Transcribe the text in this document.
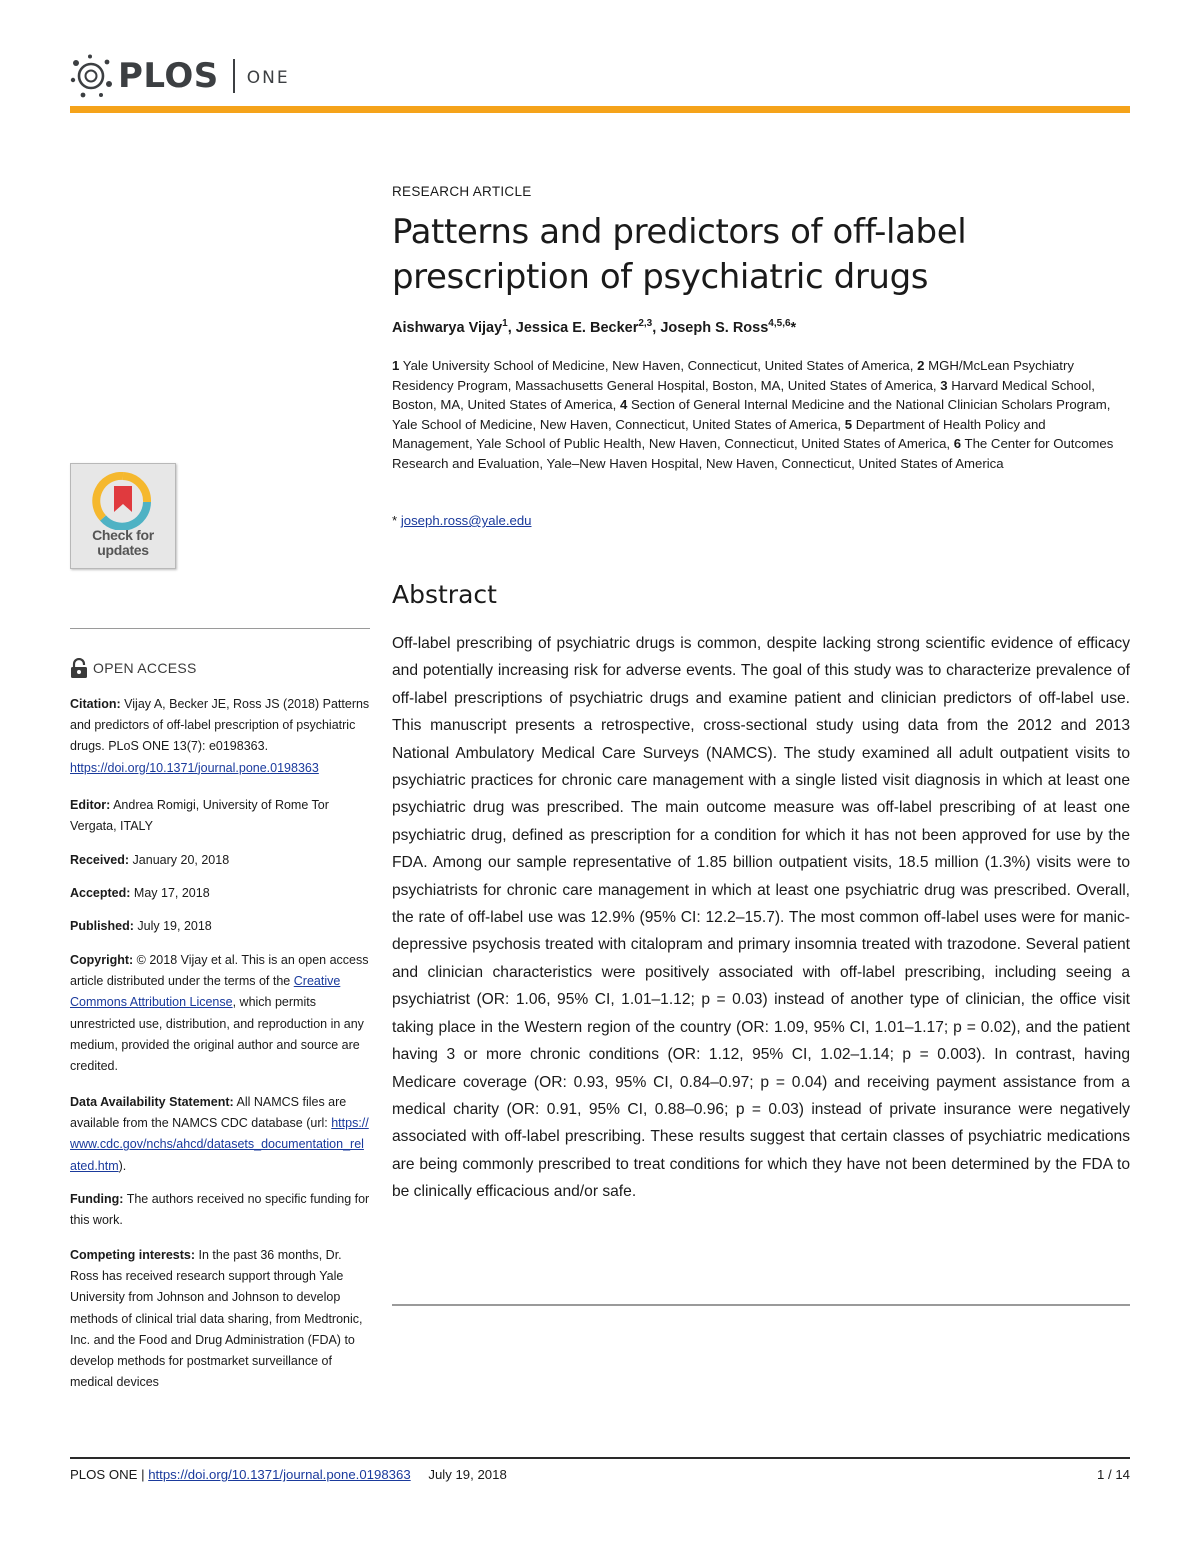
PLOS ONE
Check for
updates
OPEN ACCESS
Citation: Vijay A, Becker JE, Ross JS (2018) Patterns and predictors of off-label prescription of psychiatric drugs. PLoS ONE 13(7): e0198363. https://doi.org/10.1371/journal.pone.0198363
Editor: Andrea Romigi, University of Rome Tor Vergata, ITALY
Received: January 20, 2018
Accepted: May 17, 2018
Published: July 19, 2018
Copyright: © 2018 Vijay et al. This is an open access article distributed under the terms of the Creative Commons Attribution License, which permits unrestricted use, distribution, and reproduction in any medium, provided the original author and source are credited.
Data Availability Statement: All NAMCS files are available from the NAMCS CDC database (url: https://www.cdc.gov/nchs/ahcd/datasets_documentation_related.htm).
Funding: The authors received no specific funding for this work.
Competing interests: In the past 36 months, Dr. Ross has received research support through Yale University from Johnson and Johnson to develop methods of clinical trial data sharing, from Medtronic, Inc. and the Food and Drug Administration (FDA) to develop methods for postmarket surveillance of medical devices
RESEARCH ARTICLE
Patterns and predictors of off-label prescription of psychiatric drugs
Aishwarya Vijay$^1$, Jessica E. Becker$^{2,3}$, Joseph S. Ross$^{4,5,6}$*
1 Yale University School of Medicine, New Haven, Connecticut, United States of America, 2 MGH/McLean Psychiatry Residency Program, Massachusetts General Hospital, Boston, MA, United States of America, 3 Harvard Medical School, Boston, MA, United States of America, 4 Section of General Internal Medicine and the National Clinician Scholars Program, Yale School of Medicine, New Haven, Connecticut, United States of America, 5 Department of Health Policy and Management, Yale School of Public Health, New Haven, Connecticut, United States of America, 6 The Center for Outcomes Research and Evaluation, Yale–New Haven Hospital, New Haven, Connecticut, United States of America
* joseph.ross@yale.edu
Abstract

Off-label prescribing of psychiatric drugs is common, despite lacking strong scientific evidence of efficacy and potentially increasing risk for adverse events. The goal of this study was to characterize prevalence of off-label prescriptions of psychiatric drugs and examine patient and clinician predictors of off-label use. This manuscript presents a retrospective, cross-sectional study using data from the 2012 and 2013 National Ambulatory Medical Care Surveys (NAMCS). The study examined all adult outpatient visits to psychiatric practices for chronic care management with a single listed visit diagnosis in which at least one psychiatric drug was prescribed. The main outcome measure was off-label prescribing of at least one psychiatric drug, defined as prescription for a condition for which it has not been approved for use by the FDA. Among our sample representative of 1.85 billion outpatient visits, 18.5 million (1.3%) visits were to psychiatrists for chronic care management in which at least one psychiatric drug was prescribed. Overall, the rate of off-label use was 12.9% (95% CI: 12.2–15.7). The most common off-label uses were for manic-depressive psychosis treated with citalopram and primary insomnia treated with trazodone. Several patient and clinician characteristics were positively associated with off-label prescribing, including seeing a psychiatrist (OR: 1.06, 95% CI, 1.01–1.12; p = 0.03) instead of another type of clinician, the office visit taking place in the Western region of the country (OR: 1.09, 95% CI, 1.01–1.17; p = 0.02), and the patient having 3 or more chronic conditions (OR: 1.12, 95% CI, 1.02–1.14; p = 0.003). In contrast, having Medicare coverage (OR: 0.93, 95% CI, 0.84–0.97; p = 0.04) and receiving payment assistance from a medical charity (OR: 0.91, 95% CI, 0.88–0.96; p = 0.03) instead of private insurance were negatively associated with off-label prescribing. These results suggest that certain classes of psychiatric medications are being commonly prescribed to treat conditions for which they have not been determined by the FDA to be clinically efficacious and/or safe.

PLOS ONE | https://doi.org/10.1371/journal.pone.0198363 July 19, 2018	1 / 14
